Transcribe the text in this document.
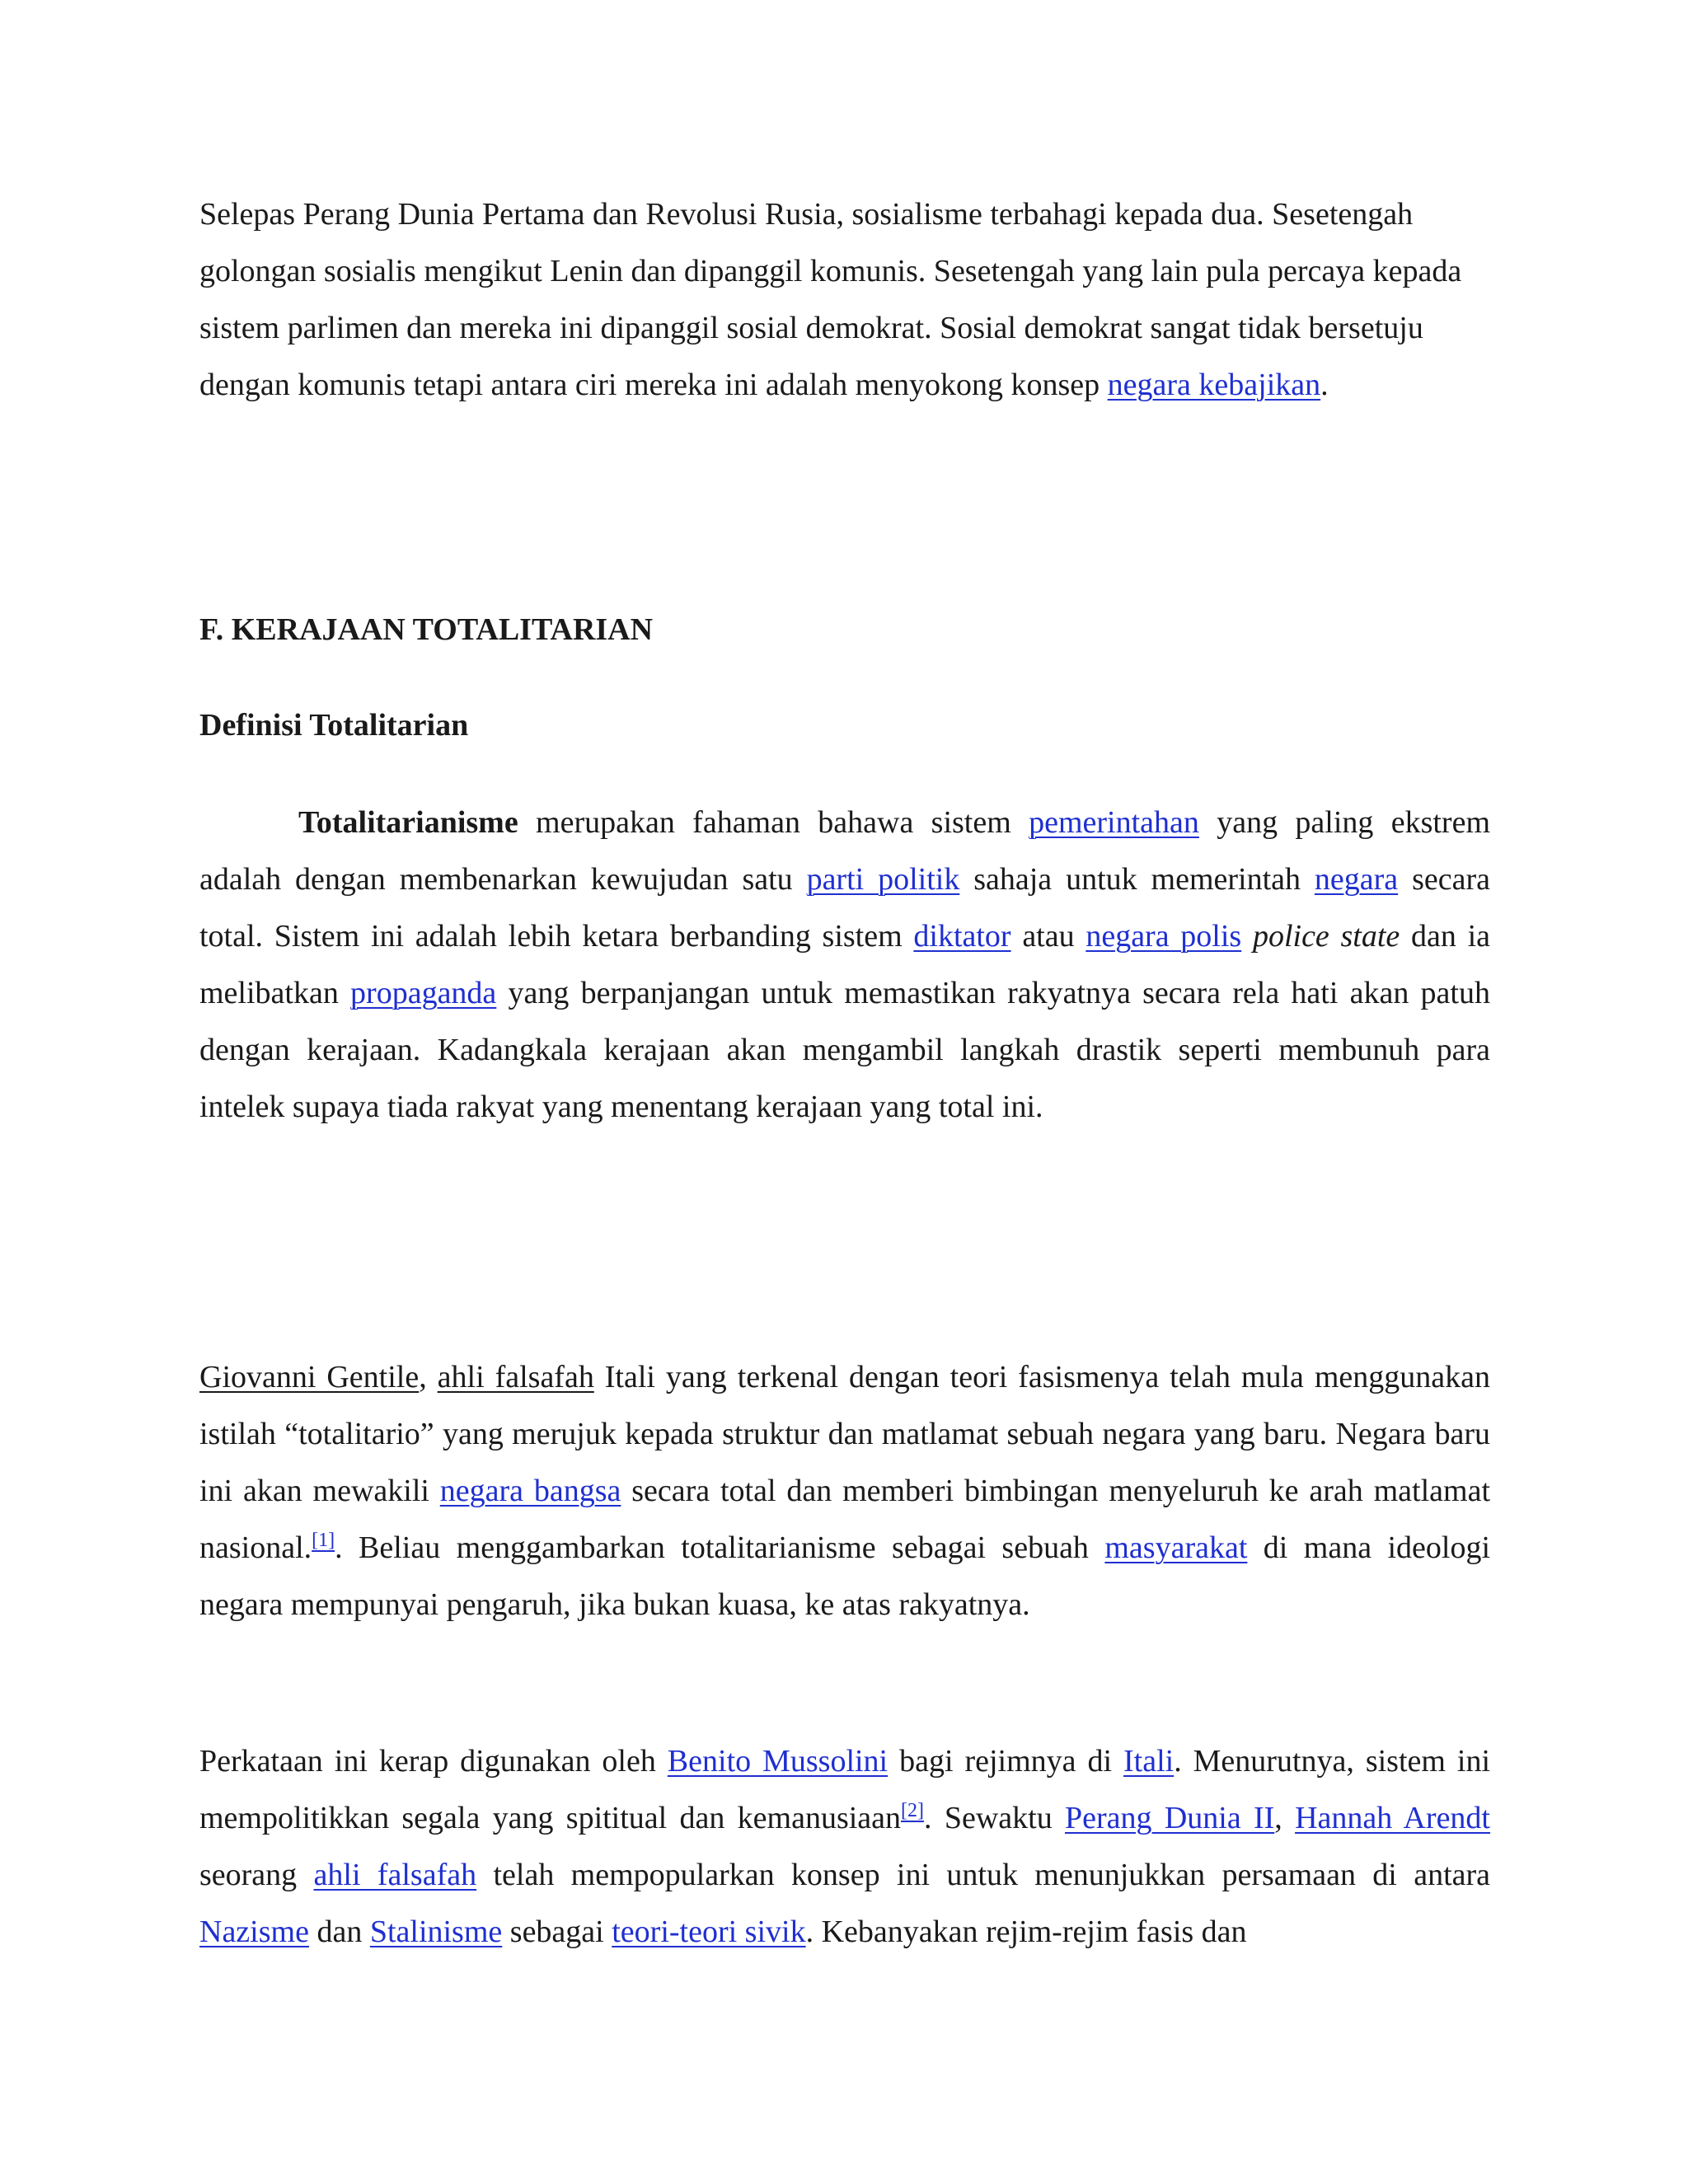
Selepas Perang Dunia Pertama dan Revolusi Rusia, sosialisme terbahagi kepada dua. Sesetengah golongan sosialis mengikut Lenin dan dipanggil komunis. Sesetengah yang lain pula percaya kepada sistem parlimen dan mereka ini dipanggil sosial demokrat. Sosial demokrat sangat tidak bersetuju dengan komunis tetapi antara ciri mereka ini adalah menyokong konsep negara kebajikan.

F. KERAJAAN TOTALITARIAN
Definisi Totalitarian

Totalitarianisme merupakan fahaman bahawa sistem pemerintahan yang paling ekstrem adalah dengan membenarkan kewujudan satu parti politik sahaja untuk memerintah negara secara total. Sistem ini adalah lebih ketara berbanding sistem diktator atau negara polis police state dan ia melibatkan propaganda yang berpanjangan untuk memastikan rakyatnya secara rela hati akan patuh dengan kerajaan. Kadangkala kerajaan akan mengambil langkah drastik seperti membunuh para intelek supaya tiada rakyat yang menentang kerajaan yang total ini.

Giovanni Gentile, ahli falsafah Itali yang terkenal dengan teori fasismenya telah mula menggunakan istilah “totalitario” yang merujuk kepada struktur dan matlamat sebuah negara yang baru. Negara baru ini akan mewakili negara bangsa secara total dan memberi bimbingan menyeluruh ke arah matlamat nasional.[1]. Beliau menggambarkan totalitarianisme sebagai sebuah masyarakat di mana ideologi negara mempunyai pengaruh, jika bukan kuasa, ke atas rakyatnya.

Perkataan ini kerap digunakan oleh Benito Mussolini bagi rejimnya di Itali. Menurutnya, sistem ini mempolitikkan segala yang spititual dan kemanusiaan[2]. Sewaktu Perang Dunia II, Hannah Arendt seorang ahli falsafah telah mempopularkan konsep ini untuk menunjukkan persamaan di antara Nazisme dan Stalinisme sebagai teori-teori sivik. Kebanyakan rejim-rejim fasis dan
